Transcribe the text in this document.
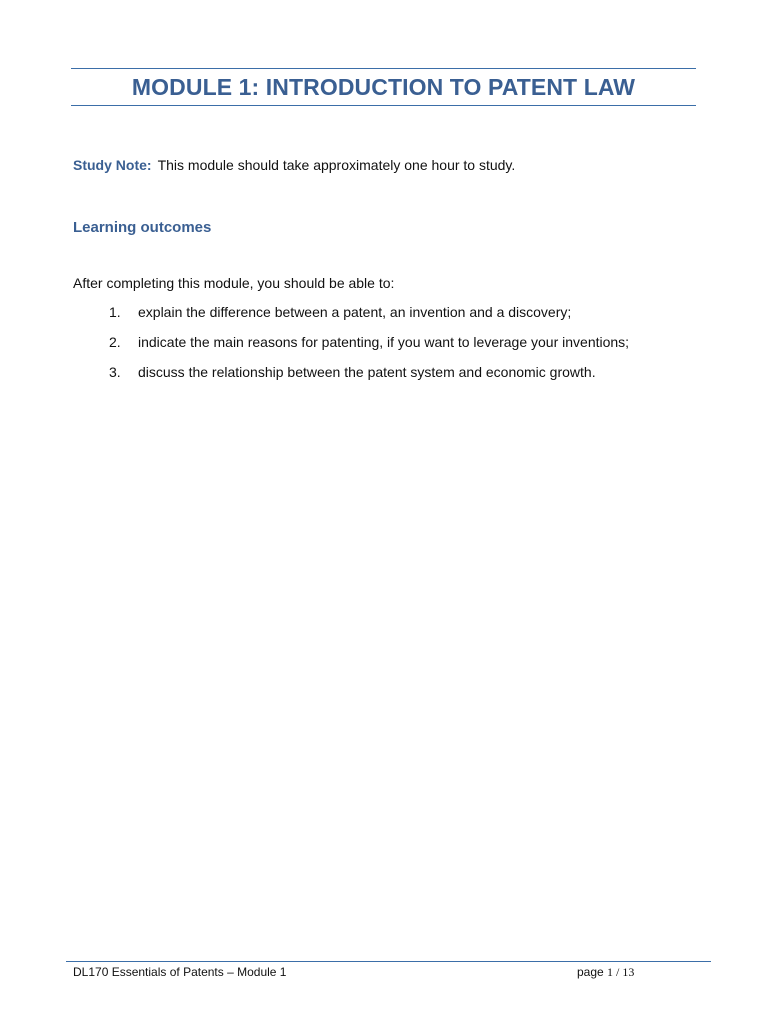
MODULE 1: INTRODUCTION TO PATENT LAW
Study Note: This module should take approximately one hour to study.
Learning outcomes
After completing this module, you should be able to:
1. explain the difference between a patent, an invention and a discovery;
2. indicate the main reasons for patenting, if you want to leverage your inventions;
3. discuss the relationship between the patent system and economic growth.
DL170 Essentials of Patents – Module 1	page 1 / 13
